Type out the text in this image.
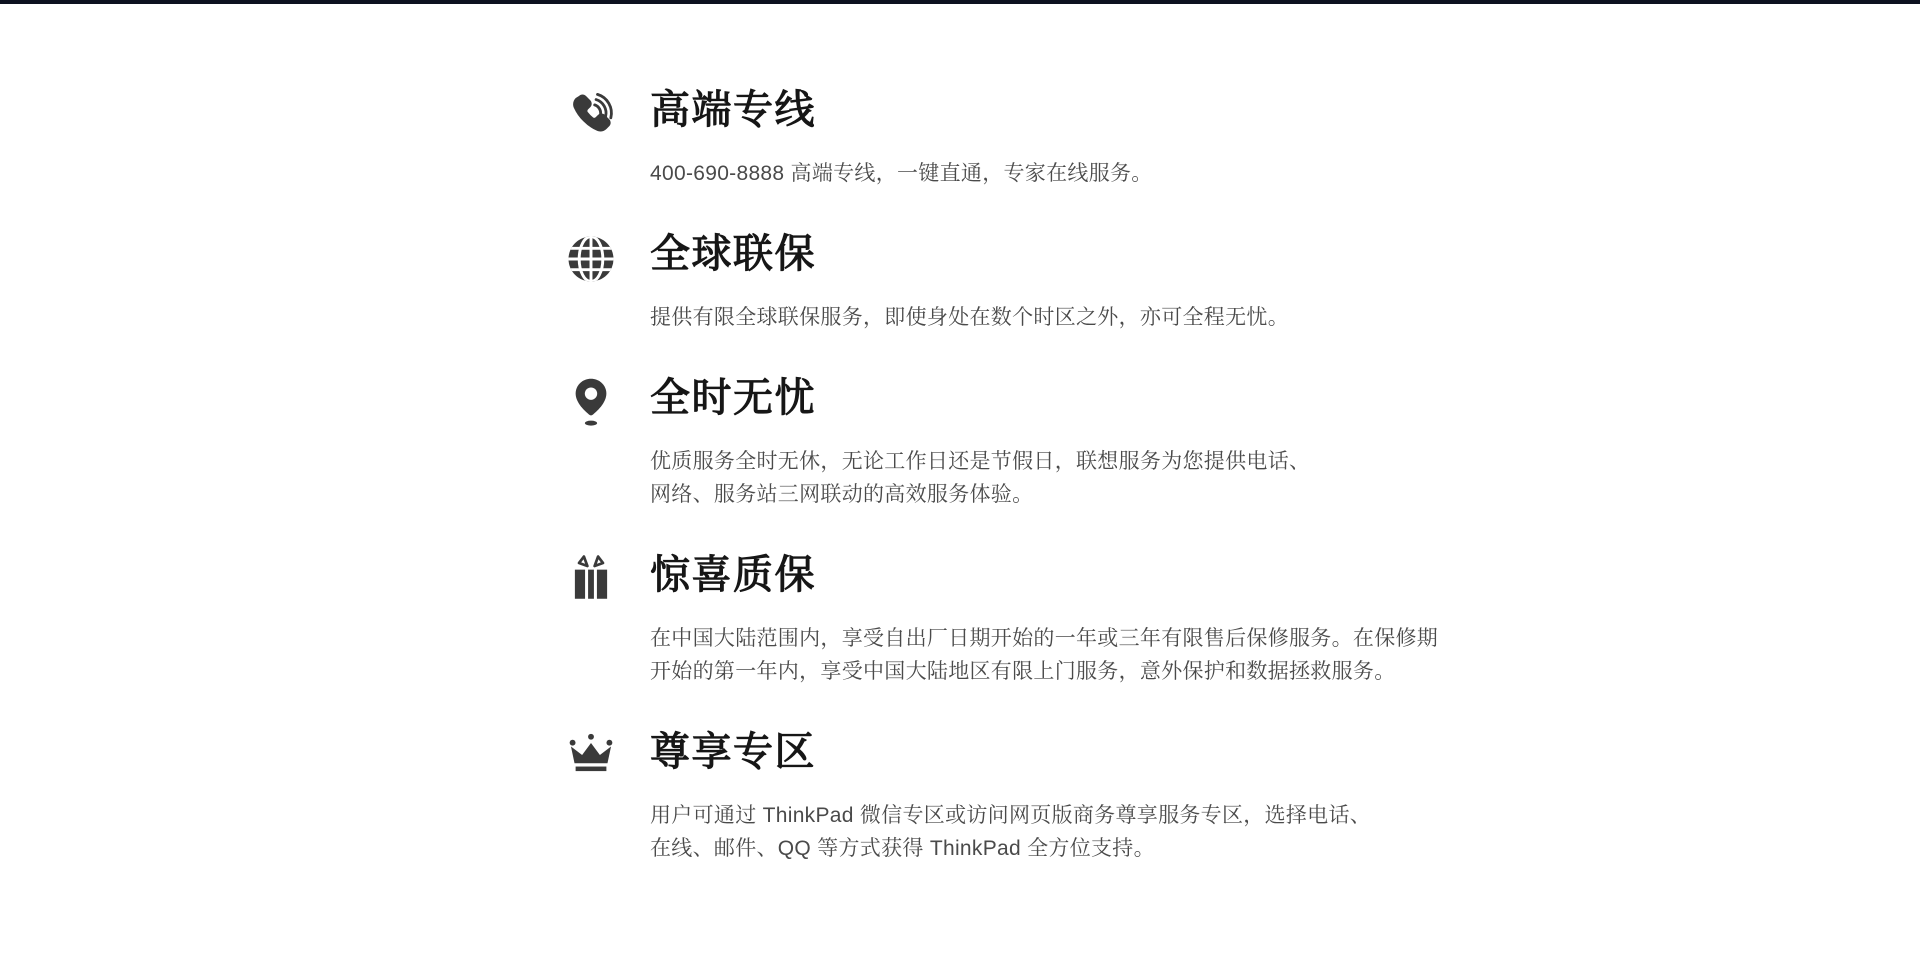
高端专线
400-690-8888 高端专线，一键直通，专家在线服务。
全球联保
提供有限全球联保服务，即使身处在数个时区之外，亦可全程无忧。
全时无忧
优质服务全时无休，无论工作日还是节假日，联想服务为您提供电话、
网络、服务站三网联动的高效服务体验。
惊喜质保
在中国大陆范围内，享受自出厂日期开始的一年或三年有限售后保修服务。在保修期
开始的第一年内，享受中国大陆地区有限上门服务，意外保护和数据拯救服务。
尊享专区
用户可通过 ThinkPad 微信专区或访问网页版商务尊享服务专区，选择电话、
在线、邮件、QQ 等方式获得 ThinkPad 全方位支持。
